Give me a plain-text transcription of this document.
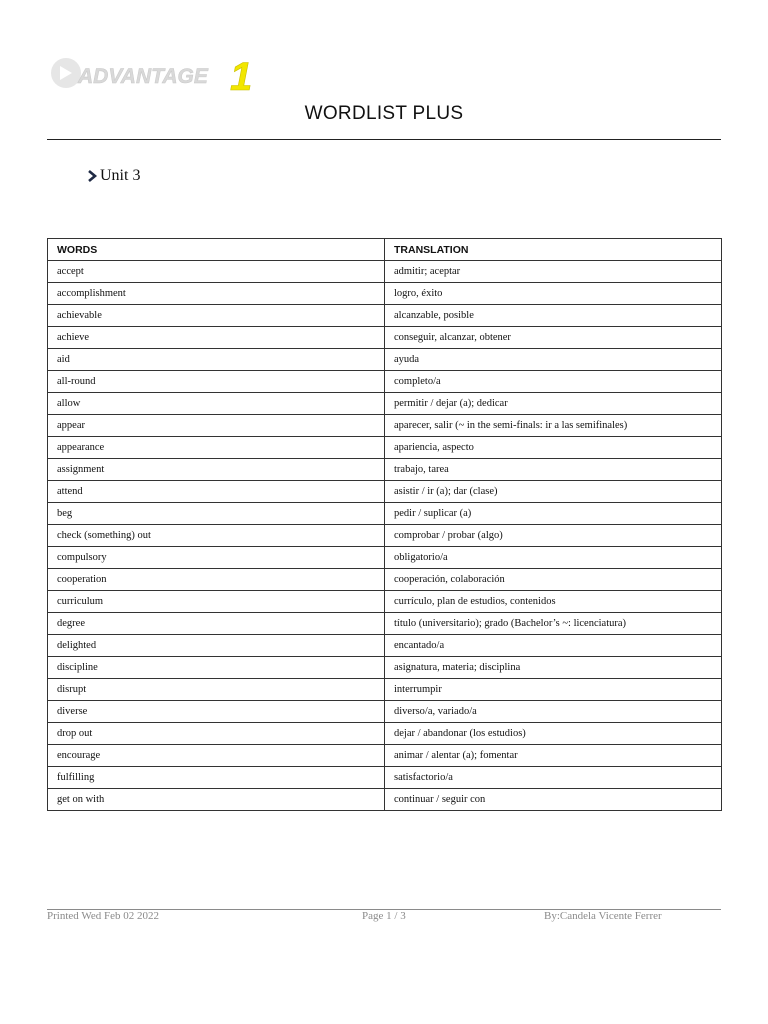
ADVANTAGE 1
WORDLIST PLUS
Unit 3
WORDS	TRANSLATION
accept	admitir; aceptar
accomplishment	logro, éxito
achievable	alcanzable, posible
achieve	conseguir, alcanzar, obtener
aid	ayuda
all-round	completo/a
allow	permitir / dejar (a); dedicar
appear	aparecer, salir (~ in the semi-finals: ir a las semifinales)
appearance	apariencia, aspecto
assignment	trabajo, tarea
attend	asistir / ir (a); dar (clase)
beg	pedir / suplicar (a)
check (something) out	comprobar / probar (algo)
compulsory	obligatorio/a
cooperation	cooperación, colaboración
curriculum	currículo, plan de estudios, contenidos
degree	título (universitario); grado (Bachelor’s ~: licenciatura)
delighted	encantado/a
discipline	asignatura, materia; disciplina
disrupt	interrumpir
diverse	diverso/a, variado/a
drop out	dejar / abandonar (los estudios)
encourage	animar / alentar (a); fomentar
fulfilling	satisfactorio/a
get on with	continuar / seguir con
Printed Wed Feb 02 2022	Page 1 / 3	By:Candela Vicente Ferrer
